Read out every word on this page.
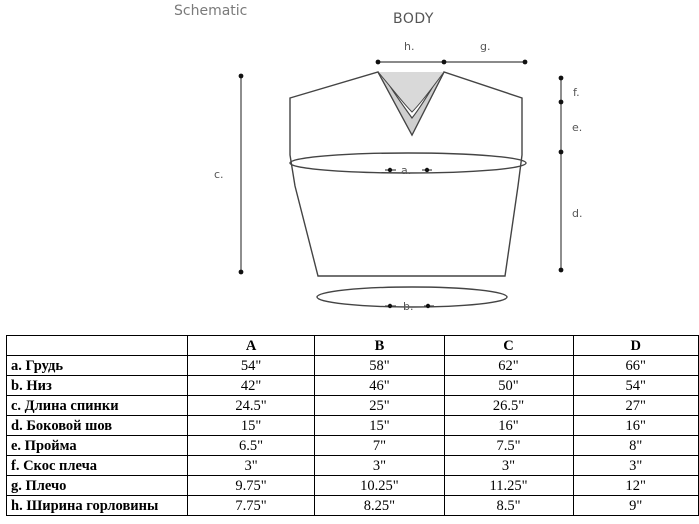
Schematic	BODY
a.
b.
c.
d.
e.
f.
g.
h.
	A	B	C	D
a. Грудь	54"	58"	62"	66"
b. Низ	42"	46"	50"	54"
c. Длина спинки	24.5"	25"	26.5"	27"
d. Боковой шов	15"	15"	16"	16"
e. Пройма	6.5"	7"	7.5"	8"
f. Скос плеча	3"	3"	3"	3"
g. Плечо	9.75"	10.25"	11.25"	12"
h. Ширина горловины	7.75"	8.25"	8.5"	9"
